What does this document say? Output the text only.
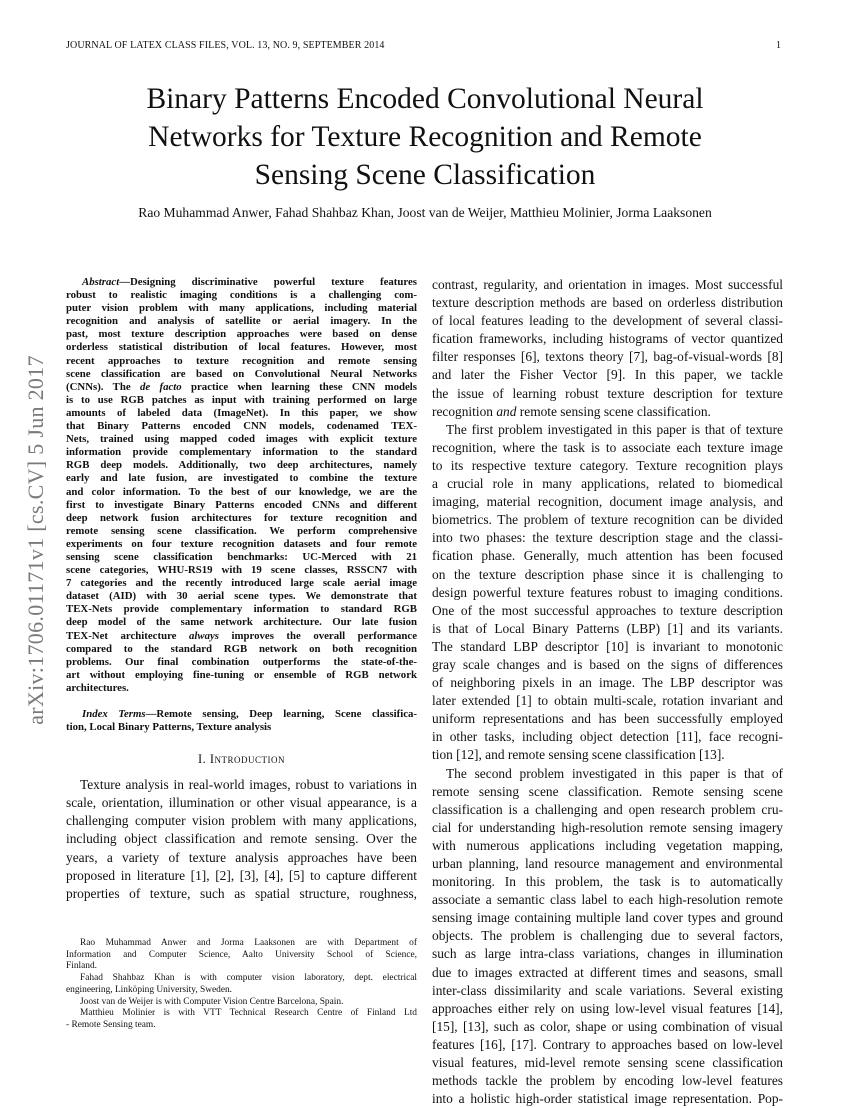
JOURNAL OF LATEX CLASS FILES, VOL. 13, NO. 9, SEPTEMBER 2014	1
arXiv:1706.01171v1 [cs.CV] 5 Jun 2017
Binary Patterns Encoded Convolutional Neural
Networks for Texture Recognition and Remote
Sensing Scene Classification
Rao Muhammad Anwer, Fahad Shahbaz Khan, Joost van de Weijer, Matthieu Molinier, Jorma Laaksonen
Abstract—Designing discriminative powerful texture features
robust to realistic imaging conditions is a challenging com-
puter vision problem with many applications, including material
recognition and analysis of satellite or aerial imagery. In the
past, most texture description approaches were based on dense
orderless statistical distribution of local features. However, most
recent approaches to texture recognition and remote sensing
scene classification are based on Convolutional Neural Networks
(CNNs). The de facto practice when learning these CNN models
is to use RGB patches as input with training performed on large
amounts of labeled data (ImageNet). In this paper, we show
that Binary Patterns encoded CNN models, codenamed TEX-
Nets, trained using mapped coded images with explicit texture
information provide complementary information to the standard
RGB deep models. Additionally, two deep architectures, namely
early and late fusion, are investigated to combine the texture
and color information. To the best of our knowledge, we are the
first to investigate Binary Patterns encoded CNNs and different
deep network fusion architectures for texture recognition and
remote sensing scene classification. We perform comprehensive
experiments on four texture recognition datasets and four remote
sensing scene classification benchmarks: UC-Merced with 21
scene categories, WHU-RS19 with 19 scene classes, RSSCN7 with
7 categories and the recently introduced large scale aerial image
dataset (AID) with 30 aerial scene types. We demonstrate that
TEX-Nets provide complementary information to standard RGB
deep model of the same network architecture. Our late fusion
TEX-Net architecture always improves the overall performance
compared to the standard RGB network on both recognition
problems. Our final combination outperforms the state-of-the-
art without employing fine-tuning or ensemble of RGB network
architectures.
Index Terms—Remote sensing, Deep learning, Scene classifica-
tion, Local Binary Patterns, Texture analysis
I. Introduction
Texture analysis in real-world images, robust to variations in
scale, orientation, illumination or other visual appearance, is a
challenging computer vision problem with many applications,
including object classification and remote sensing. Over the
years, a variety of texture analysis approaches have been
proposed in literature [1], [2], [3], [4], [5] to capture different
properties of texture, such as spatial structure, roughness,
Rao Muhammad Anwer and Jorma Laaksonen are with Department of
Information and Computer Science, Aalto University School of Science,
Finland.
Fahad Shahbaz Khan is with computer vision laboratory, dept. electrical
engineering, Linköping University, Sweden.
Joost van de Weijer is with Computer Vision Centre Barcelona, Spain.
Matthieu Molinier is with VTT Technical Research Centre of Finland Ltd
- Remote Sensing team.
contrast, regularity, and orientation in images. Most successful
texture description methods are based on orderless distribution
of local features leading to the development of several classi-
fication frameworks, including histograms of vector quantized
filter responses [6], textons theory [7], bag-of-visual-words [8]
and later the Fisher Vector [9]. In this paper, we tackle
the issue of learning robust texture description for texture
recognition and remote sensing scene classification.
The first problem investigated in this paper is that of texture
recognition, where the task is to associate each texture image
to its respective texture category. Texture recognition plays
a crucial role in many applications, related to biomedical
imaging, material recognition, document image analysis, and
biometrics. The problem of texture recognition can be divided
into two phases: the texture description stage and the classi-
fication phase. Generally, much attention has been focused
on the texture description phase since it is challenging to
design powerful texture features robust to imaging conditions.
One of the most successful approaches to texture description
is that of Local Binary Patterns (LBP) [1] and its variants.
The standard LBP descriptor [10] is invariant to monotonic
gray scale changes and is based on the signs of differences
of neighboring pixels in an image. The LBP descriptor was
later extended [1] to obtain multi-scale, rotation invariant and
uniform representations and has been successfully employed
in other tasks, including object detection [11], face recogni-
tion [12], and remote sensing scene classification [13].
The second problem investigated in this paper is that of
remote sensing scene classification. Remote sensing scene
classification is a challenging and open research problem cru-
cial for understanding high-resolution remote sensing imagery
with numerous applications including vegetation mapping,
urban planning, land resource management and environmental
monitoring. In this problem, the task is to automatically
associate a semantic class label to each high-resolution remote
sensing image containing multiple land cover types and ground
objects. The problem is challenging due to several factors,
such as large intra-class variations, changes in illumination
due to images extracted at different times and seasons, small
inter-class dissimilarity and scale variations. Several existing
approaches either rely on using low-level visual features [14],
[15], [13], such as color, shape or using combination of visual
features [16], [17]. Contrary to approaches based on low-level
visual features, mid-level remote sensing scene classification
methods tackle the problem by encoding low-level features
into a holistic high-order statistical image representation. Pop-
